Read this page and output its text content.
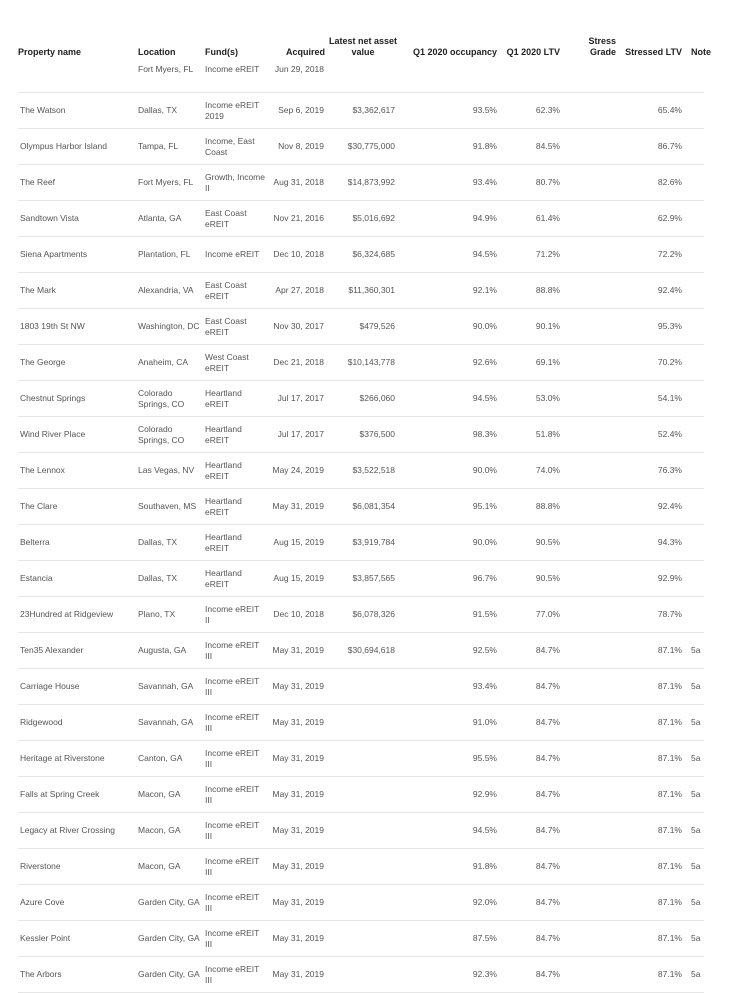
Property name	Location	Fund(s)	Acquired	Latest net asset value	Q1 2020 occupancy	Q1 2020 LTV	Stress Grade	Stressed LTV	Note
	Fort Myers, FL	Income eREIT	Jun 29, 2018						
The Watson	Dallas, TX	Income eREIT 2019	Sep 6, 2019	$3,362,617	93.5%	62.3%		65.4%	
Olympus Harbor Island	Tampa, FL	Income, East Coast	Nov 8, 2019	$30,775,000	91.8%	84.5%		86.7%	
The Reef	Fort Myers, FL	Growth, Income II	Aug 31, 2018	$14,873,992	93.4%	80.7%		82.6%	
Sandtown Vista	Atlanta, GA	East Coast eREIT	Nov 21, 2016	$5,016,692	94.9%	61.4%		62.9%	
Siena Apartments	Plantation, FL	Income eREIT	Dec 10, 2018	$6,324,685	94.5%	71.2%		72.2%	
The Mark	Alexandria, VA	East Coast eREIT	Apr 27, 2018	$11,360,301	92.1%	88.8%		92.4%	
1803 19th St NW	Washington, DC	East Coast eREIT	Nov 30, 2017	$479,526	90.0%	90.1%		95.3%	
The George	Anaheim, CA	West Coast eREIT	Dec 21, 2018	$10,143,778	92.6%	69.1%		70.2%	
Chestnut Springs	Colorado Springs, CO	Heartland eREIT	Jul 17, 2017	$266,060	94.5%	53.0%		54.1%	
Wind River Place	Colorado Springs, CO	Heartland eREIT	Jul 17, 2017	$376,500	98.3%	51.8%		52.4%	
The Lennox	Las Vegas, NV	Heartland eREIT	May 24, 2019	$3,522,518	90.0%	74.0%		76.3%	
The Clare	Southaven, MS	Heartland eREIT	May 31, 2019	$6,081,354	95.1%	88.8%		92.4%	
Belterra	Dallas, TX	Heartland eREIT	Aug 15, 2019	$3,919,784	90.0%	90.5%		94.3%	
Estancia	Dallas, TX	Heartland eREIT	Aug 15, 2019	$3,857,565	96.7%	90.5%		92.9%	
23Hundred at Ridgeview	Plano, TX	Income eREIT II	Dec 10, 2018	$6,078,326	91.5%	77.0%		78.7%	
Ten35 Alexander	Augusta, GA	Income eREIT III	May 31, 2019	$30,694,618	92.5%	84.7%		87.1%	5a
Carriage House	Savannah, GA	Income eREIT III	May 31, 2019		93.4%	84.7%		87.1%	5a
Ridgewood	Savannah, GA	Income eREIT III	May 31, 2019		91.0%	84.7%		87.1%	5a
Heritage at Riverstone	Canton, GA	Income eREIT III	May 31, 2019		95.5%	84.7%		87.1%	5a
Falls at Spring Creek	Macon, GA	Income eREIT III	May 31, 2019		92.9%	84.7%		87.1%	5a
Legacy at River Crossing	Macon, GA	Income eREIT III	May 31, 2019		94.5%	84.7%		87.1%	5a
Riverstone	Macon, GA	Income eREIT III	May 31, 2019		91.8%	84.7%		87.1%	5a
Azure Cove	Garden City, GA	Income eREIT III	May 31, 2019		92.0%	84.7%		87.1%	5a
Kessler Point	Garden City, GA	Income eREIT III	May 31, 2019		87.5%	84.7%		87.1%	5a
The Arbors	Garden City, GA	Income eREIT III	May 31, 2019		92.3%	84.7%		87.1%	5a
